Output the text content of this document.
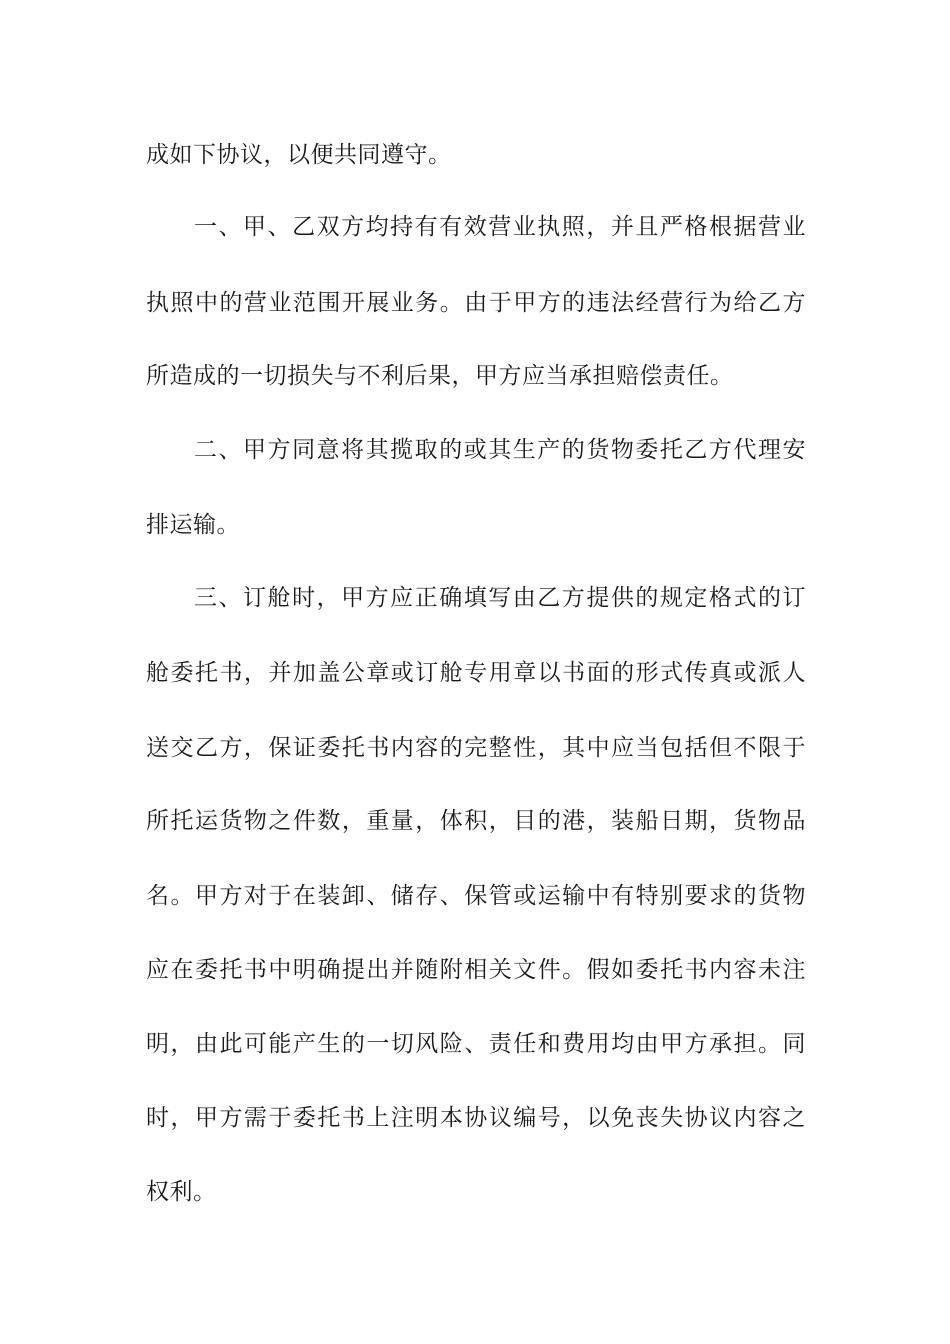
成如下协议，以便共同遵守。
一、甲、乙双方均持有有效营业执照，并且严格根据营业
执照中的营业范围开展业务。由于甲方的违法经营行为给乙方
所造成的一切损失与不利后果，甲方应当承担赔偿责任。
二、甲方同意将其揽取的或其生产的货物委托乙方代理安
排运输。
三、订舱时，甲方应正确填写由乙方提供的规定格式的订
舱委托书，并加盖公章或订舱专用章以书面的形式传真或派人
送交乙方，保证委托书内容的完整性，其中应当包括但不限于
所托运货物之件数，重量，体积，目的港，装船日期，货物品
名。甲方对于在装卸、储存、保管或运输中有特别要求的货物
应在委托书中明确提出并随附相关文件。假如委托书内容未注
明，由此可能产生的一切风险、责任和费用均由甲方承担。同
时，甲方需于委托书上注明本协议编号，以免丧失协议内容之
权利。
